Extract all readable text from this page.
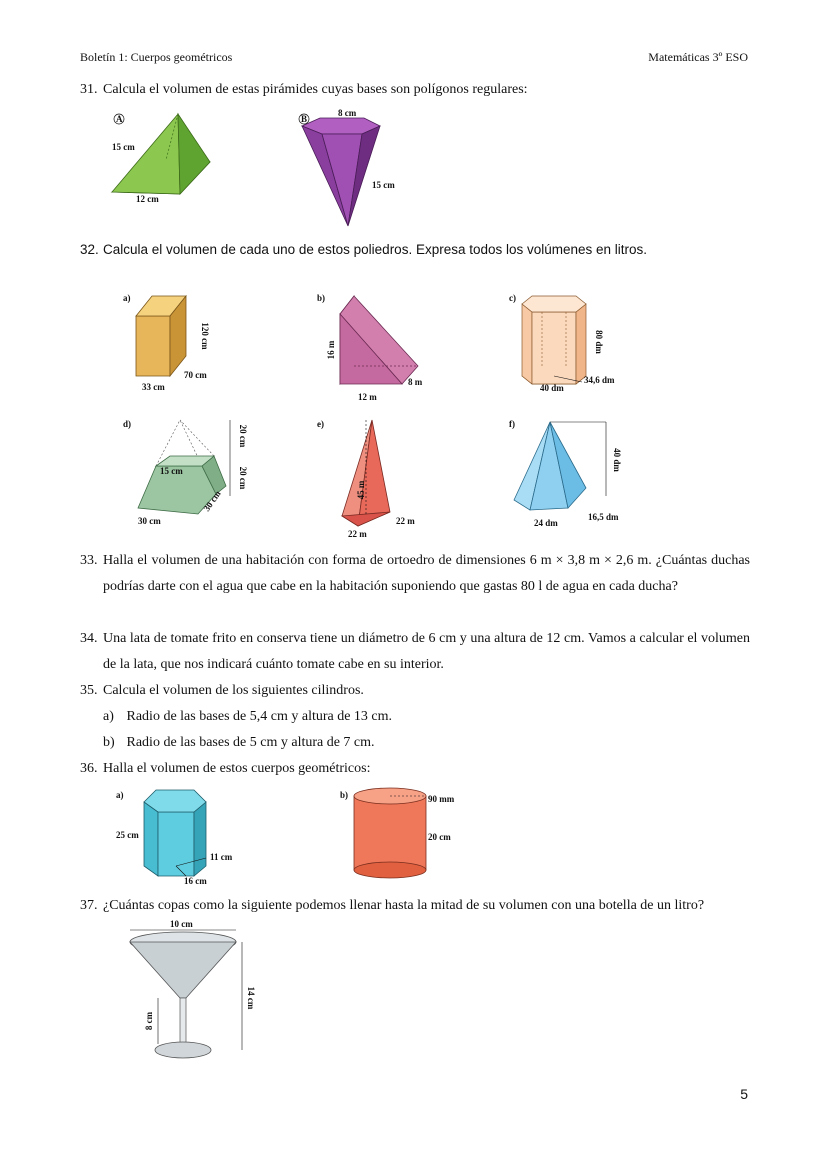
Boletín 1: Cuerpos geométricos	Matemáticas 3º ESO
31. Calcula el volumen de estas pirámides cuyas bases son polígonos regulares:
A
15 cm
12 cm
B
8 cm
15 cm
32. Calcula el volumen de cada uno de estos poliedros. Expresa todos los volúmenes en litros.
a)
120 cm
70 cm
33 cm
b)
16 m
8 m
12 m
c)
80 dm
40 dm
34,6 dm
d)
20 cm
20 cm
15 cm
30 cm
30 cm
e)
45 m
22 m
22 m
f)
40 dm
24 dm
16,5 dm
33. Halla el volumen de una habitación con forma de ortoedro de dimensiones 6 m × 3,8 m × 2,6 m. ¿Cuántas duchas podrías darte con el agua que cabe en la habitación suponiendo que gastas 80 l de agua en cada ducha?
34. Una lata de tomate frito en conserva tiene un diámetro de 6 cm y una altura de 12 cm. Vamos a calcular el volumen de la lata, que nos indicará cuánto tomate cabe en su interior.
35. Calcula el volumen de los siguientes cilindros.
a) Radio de las bases de 5,4 cm y altura de 13 cm.
b) Radio de las bases de 5 cm y altura de 7 cm.
36. Halla el volumen de estos cuerpos geométricos:
a)
25 cm
11 cm
16 cm
b)	90 mm
20 cm
37. ¿Cuántas copas como la siguiente podemos llenar hasta la mitad de su volumen con una botella de un litro?
10 cm
14 cm
8 cm
5
